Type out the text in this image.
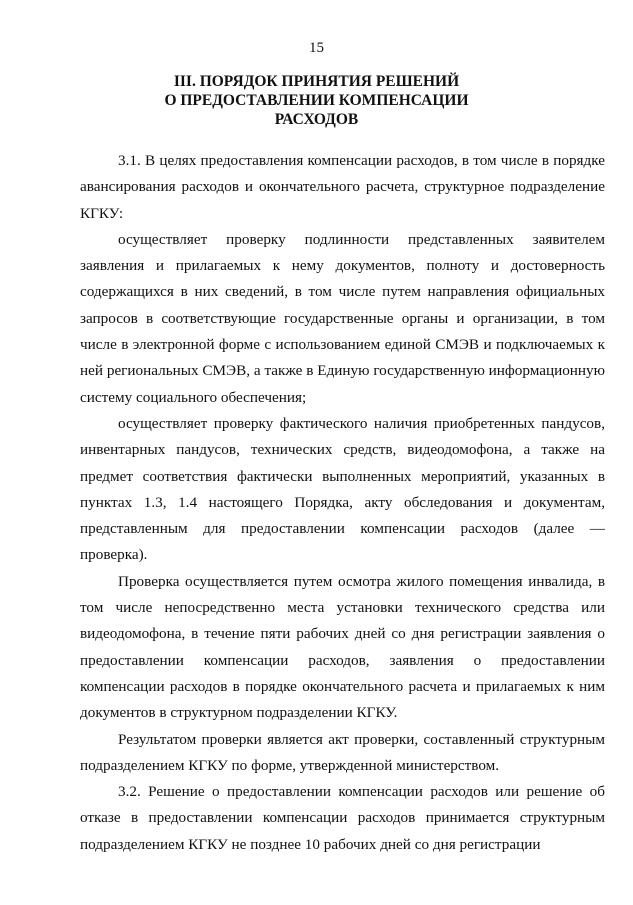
15
III. ПОРЯДОК ПРИНЯТИЯ РЕШЕНИЙ
О ПРЕДОСТАВЛЕНИИ КОМПЕНСАЦИИ
РАСХОДОВ

3.1. В целях предоставления компенсации расходов, в том числе в порядке авансирования расходов и окончательного расчета, структурное подразделение КГКУ:

осуществляет проверку подлинности представленных заявителем заявления и прилагаемых к нему документов, полноту и достоверность содержащихся в них сведений, в том числе путем направления официальных запросов в соответствующие государственные органы и организации, в том числе в электронной форме с использованием единой СМЭВ и подключаемых к ней региональных СМЭВ, а также в Единую государственную информационную систему социального обеспечения;

осуществляет проверку фактического наличия приобретенных пандусов, инвентарных пандусов, технических средств, видеодомофона, а также на предмет соответствия фактически выполненных мероприятий, указанных в пунктах 1.3, 1.4 настоящего Порядка, акту обследования и документам, представленным для предоставлении компенсации расходов (далее — проверка).

Проверка осуществляется путем осмотра жилого помещения инвалида, в том числе непосредственно места установки технического средства или видеодомофона, в течение пяти рабочих дней со дня регистрации заявления о предоставлении компенсации расходов, заявления о предоставлении компенсации расходов в порядке окончательного расчета и прилагаемых к ним документов в структурном подразделении КГКУ.

Результатом проверки является акт проверки, составленный структурным подразделением КГКУ по форме, утвержденной министерством.

3.2. Решение о предоставлении компенсации расходов или решение об отказе в предоставлении компенсации расходов принимается структурным подразделением КГКУ не позднее 10 рабочих дней со дня регистрации
